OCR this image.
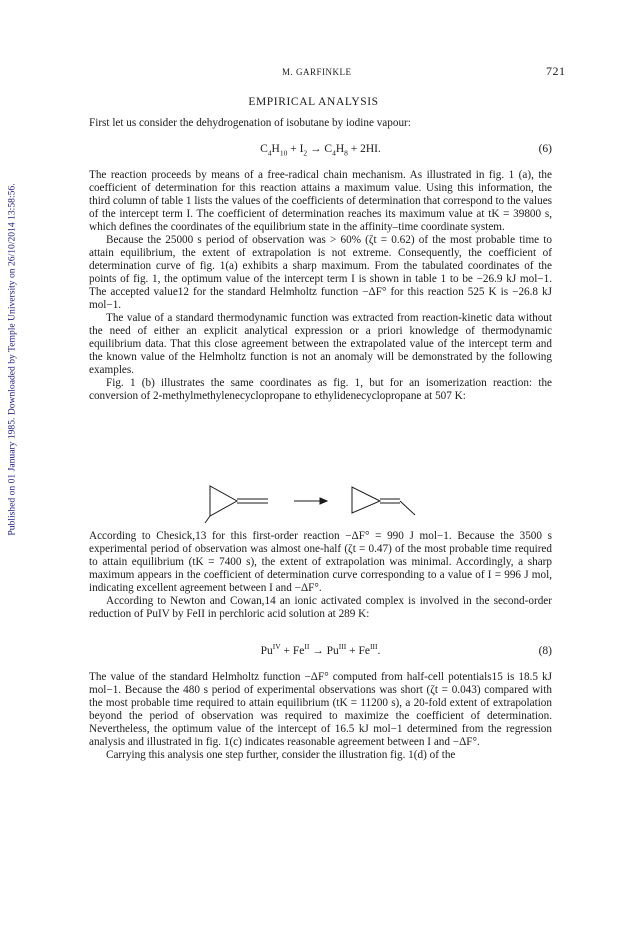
Published on 01 January 1985. Downloaded by Temple University on 26/10/2014 13:58:56.
M. GARFINKLE	721
EMPIRICAL ANALYSIS
First let us consider the dehydrogenation of isobutane by iodine vapour:
$C_4H_{10} + I_2 \to C_4H_8 + 2HI$.	(6)

The reaction proceeds by means of a free-radical chain mechanism. As illustrated in fig. 1 (a), the coefficient of determination for this reaction attains a maximum value. Using this information, the third column of table 1 lists the values of the coefficients of determination that correspond to the values of the intercept term I. The coefficient of determination reaches its maximum value at tK = 39800 s, which defines the coordinates of the equilibrium state in the affinity–time coordinate system.

Because the 25000 s period of observation was > 60% (ζt = 0.62) of the most probable time to attain equilibrium, the extent of extrapolation is not extreme. Consequently, the coefficient of determination curve of fig. 1(a) exhibits a sharp maximum. From the tabulated coordinates of the points of fig. 1, the optimum value of the intercept term I is shown in table 1 to be −26.9 kJ mol−1. The accepted value12 for the standard Helmholtz function −ΔF° for this reaction 525 K is −26.8 kJ mol−1.

The value of a standard thermodynamic function was extracted from reaction-kinetic data without the need of either an explicit analytical expression or a priori knowledge of thermodynamic equilibrium data. That this close agreement between the extrapolated value of the intercept term and the known value of the Helmholtz function is not an anomaly will be demonstrated by the following examples.

Fig. 1 (b) illustrates the same coordinates as fig. 1, but for an isomerization reaction: the conversion of 2-methylmethylenecyclopropane to ethylidenecyclopropane at 507 K:

According to Chesick,13 for this first-order reaction −ΔF° = 990 J mol−1. Because the 3500 s experimental period of observation was almost one-half (ζt = 0.47) of the most probable time required to attain equilibrium (tK = 7400 s), the extent of extrapolation was minimal. Accordingly, a sharp maximum appears in the coefficient of determination curve corresponding to a value of I = 996 J mol, indicating excellent agreement between I and −ΔF°.

According to Newton and Cowan,14 an ionic activated complex is involved in the second-order reduction of PuIV by FeII in perchloric acid solution at 289 K:

$Pu^{IV} + Fe^{II} \to Pu^{III} + Fe^{III}$.	(8)

The value of the standard Helmholtz function −ΔF° computed from half-cell potentials15 is 18.5 kJ mol−1. Because the 480 s period of experimental observations was short (ζt = 0.043) compared with the most probable time required to attain equilibrium (tK = 11200 s), a 20-fold extent of extrapolation beyond the period of observation was required to maximize the coefficient of determination. Nevertheless, the optimum value of the intercept of 16.5 kJ mol−1 determined from the regression analysis and illustrated in fig. 1(c) indicates reasonable agreement between I and −ΔF°.

Carrying this analysis one step further, consider the illustration fig. 1(d) of the
